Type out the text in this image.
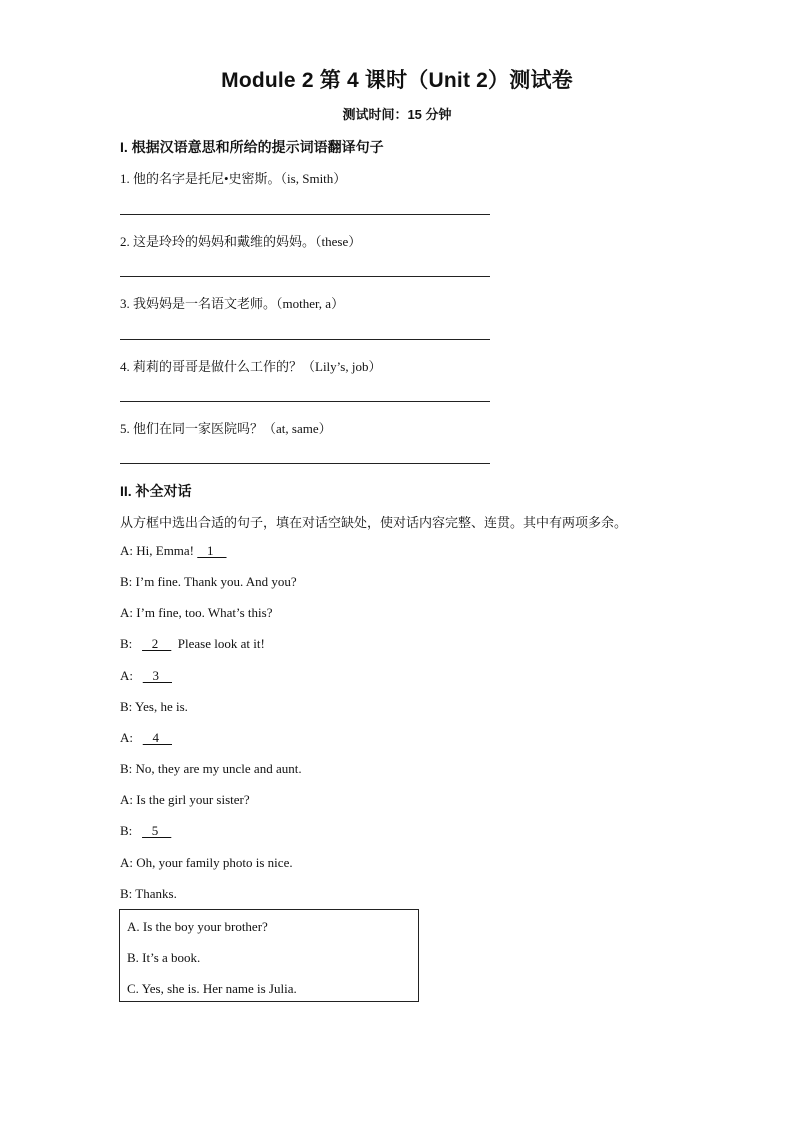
Module 2 第 4 课时（Unit 2）测试卷
测试时间：15 分钟
I. 根据汉语意思和所给的提示词语翻译句子
1. 他的名字是托尼•史密斯。（is, Smith）
2. 这是玲玲的妈妈和戴维的妈妈。（these）
3. 我妈妈是一名语文老师。（mother, a）
4. 莉莉的哥哥是做什么工作的？（Lily’s, job）
5. 他们在同一家医院吗？（at, same）
II. 补全对话
从方框中选出合适的句子，填在对话空缺处，使对话内容完整、连贯。其中有两项多余。
A: Hi, Emma!    1
B: I’m fine. Thank you. And you?
A: I’m fine, too. What’s this?
B:      2      Please look at it!
A:      3
B: Yes, he is.
A:      4
B: No, they are my uncle and aunt.
A: Is the girl your sister?
B:      5
A: Oh, your family photo is nice.
B: Thanks.
A. Is the boy your brother?
B. It’s a book.
C. Yes, she is. Her name is Julia.
